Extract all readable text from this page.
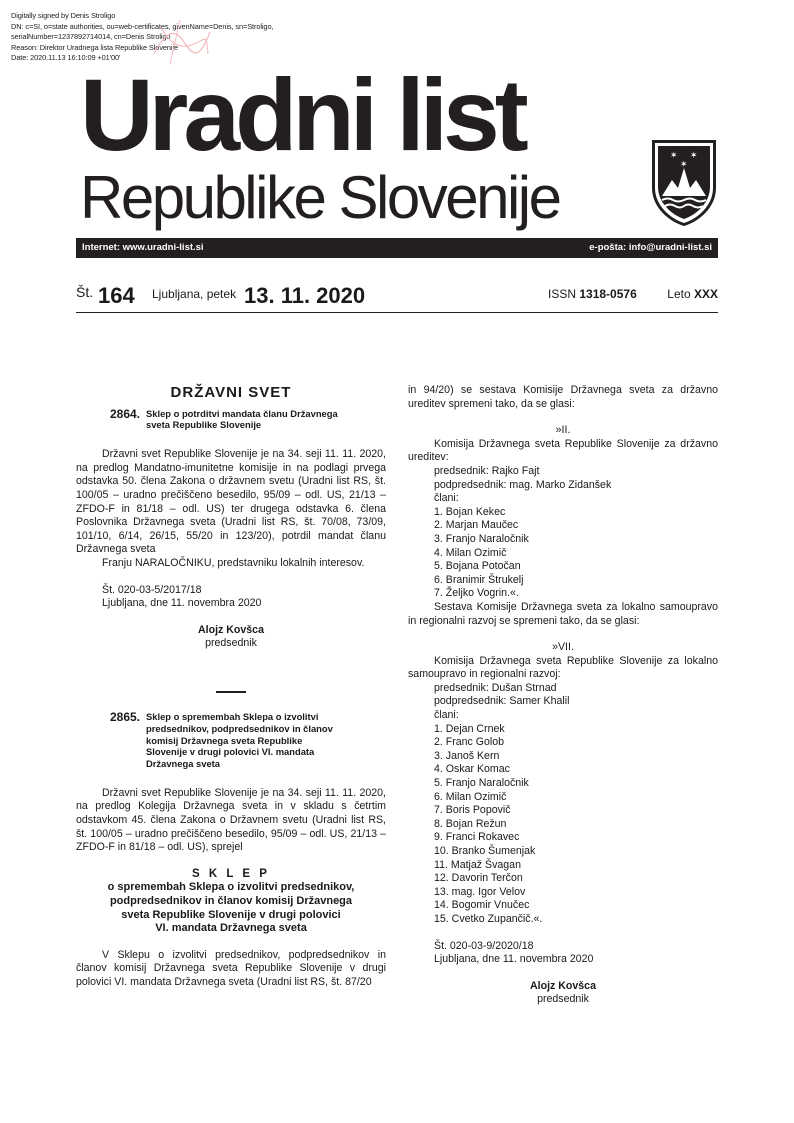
Digitally signed by Denis Stroligo
DN: c=SI, o=state authorities, ou=web-certificates, givenName=Denis, sn=Stroligo,
serialNumber=1237892714014, cn=Denis Stroligo
Reason: Direktor Uradnega lista Republike Slovenije
Date: 2020.11.13 16:10:09 +01'00'
Uradni list
Republike Slovenije
✶ ✶
✶
Internet: www.uradni-list.si	e-pošta: info@uradni-list.si
Št. 164 Ljubljana, petek 13. 11. 2020	ISSN 1318-0576	Leto XXX
DRŽAVNI SVET
2864. Sklep o potrditvi mandata članu Državnega sveta Republike Slovenije

Državni svet Republike Slovenije je na 34. seji 11. 11. 2020, na predlog Mandatno-imunitetne komisije in na podlagi prvega odstavka 50. člena Zakona o državnem svetu (Uradni list RS, št. 100/05 – uradno prečiščeno besedilo, 95/09 – odl. US, 21/13 – ZFDO-F in 81/18 – odl. US) ter drugega odstavka 6. člena Poslovnika Državnega sveta (Uradni list RS, št. 70/08, 73/09, 101/10, 6/14, 26/15, 55/20 in 123/20), potrdil mandat članu Državnega sveta

Franju NARALOČNIKU, predstavniku lokalnih interesov.

Št. 020-03-5/2017/18

Ljubljana, dne 11. novembra 2020

Alojz Kovšca

predsednik

2865. Sklep o spremembah Sklepa o izvolitvi predsednikov, podpredsednikov in članov komisij Državnega sveta Republike Slovenije v drugi polovici VI. mandata Državnega sveta

Državni svet Republike Slovenije je na 34. seji 11. 11. 2020, na predlog Kolegija Državnega sveta in v skladu s četrtim odstavkom 45. člena Zakona o Državnem svetu (Uradni list RS, št. 100/05 – uradno prečiščeno besedilo, 95/09 – odl. US, 21/13 – ZFDO-F in 81/18 – odl. US), sprejel

S K L E P

o spremembah Sklepa o izvolitvi predsednikov,

podpredsednikov in članov komisij Državnega

sveta Republike Slovenije v drugi polovici

VI. mandata Državnega sveta

V Sklepu o izvolitvi predsednikov, podpredsednikov in članov komisij Državnega sveta Republike Slovenije v drugi polovici VI. mandata Državnega sveta (Uradni list RS, št. 87/20

in 94/20) se sestava Komisije Državnega sveta za državno ureditev spremeni tako, da se glasi:

»II.

Komisija Državnega sveta Republike Slovenije za državno ureditev:

predsednik: Rajko Fajt

podpredsednik: mag. Marko Zidanšek

člani:

1. Bojan Kekec

2. Marjan Maučec

3. Franjo Naraločnik

4. Milan Ozimič

5. Bojana Potočan

6. Branimir Štrukelj

7. Željko Vogrin.«.

Sestava Komisije Državnega sveta za lokalno samoupravo in regionalni razvoj se spremeni tako, da se glasi:

»VII.

Komisija Državnega sveta Republike Slovenije za lokalno samoupravo in regionalni razvoj:

predsednik: Dušan Strnad

podpredsednik: Samer Khalil

člani:

1. Dejan Crnek

2. Franc Golob

3. Janoš Kern

4. Oskar Komac

5. Franjo Naraločnik

6. Milan Ozimič

7. Boris Popovič

8. Bojan Režun

9. Franci Rokavec

10. Branko Šumenjak

11. Matjaž Švagan

12. Davorin Terčon

13. mag. Igor Velov

14. Bogomir Vnučec

15. Cvetko Zupančič.«.

Št. 020-03-9/2020/18

Ljubljana, dne 11. novembra 2020

Alojz Kovšca

predsednik
